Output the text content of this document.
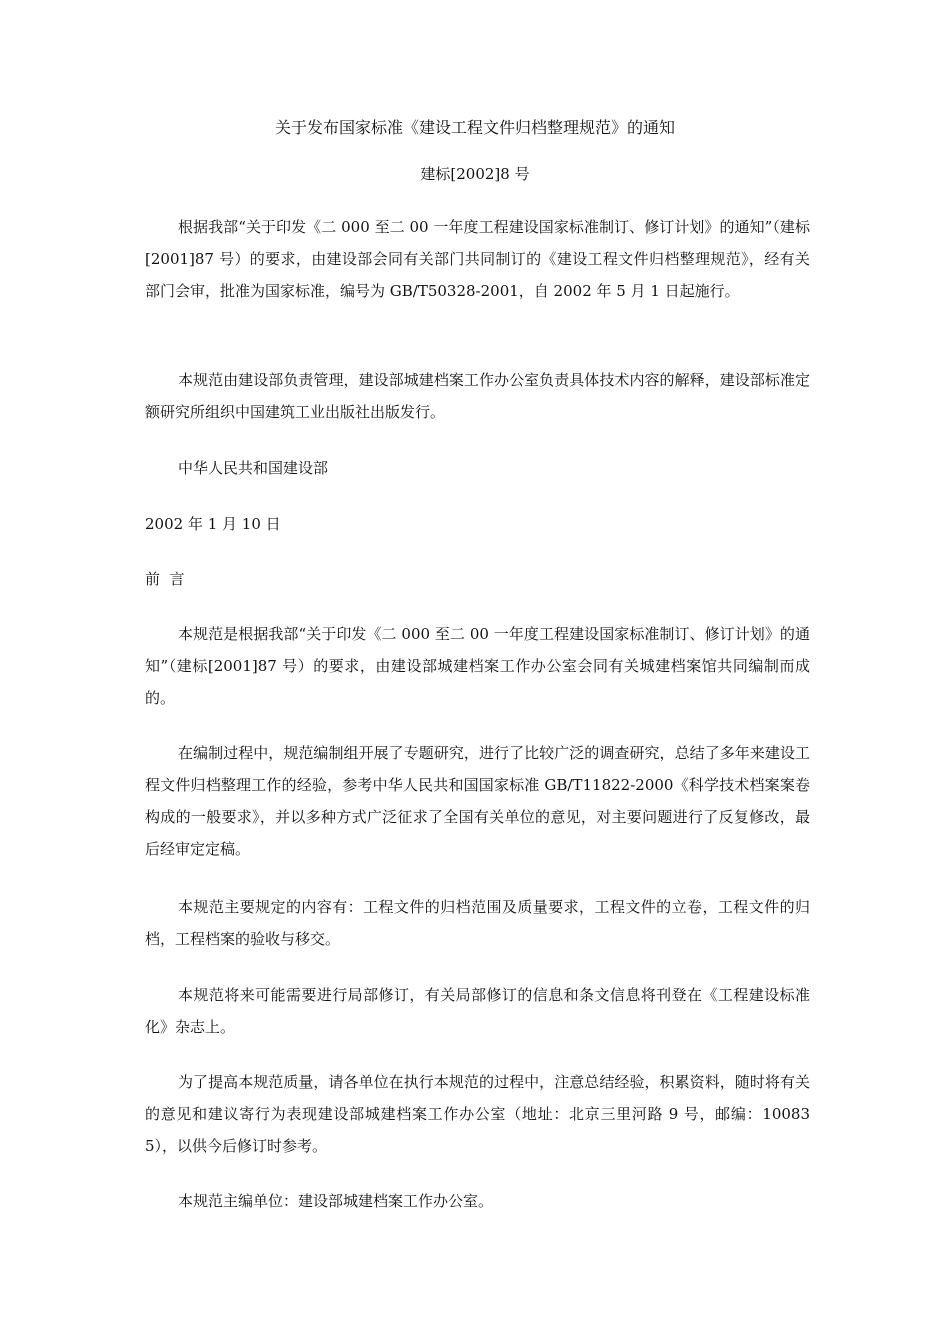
关于发布国家标准《建设工程文件归档整理规范》的通知
建标[2002]8 号

根据我部“关于印发《二 000 至二 00 一年度工程建设国家标准制订、修订计划》的通知”（建标[2001]87 号）的要求，由建设部会同有关部门共同制订的《建设工程文件归档整理规范》，经有关部门会审，批准为国家标准，编号为 GB/T50328-2001，自 2002 年 5 月 1 日起施行。

本规范由建设部负责管理，建设部城建档案工作办公室负责具体技术内容的解释，建设部标准定额研究所组织中国建筑工业出版社出版发行。

中华人民共和国建设部

2002 年 1 月 10 日

前  言

本规范是根据我部“关于印发《二 000 至二 00 一年度工程建设国家标准制订、修订计划》的通知”（建标[2001]87 号）的要求，由建设部城建档案工作办公室会同有关城建档案馆共同编制而成的。

在编制过程中，规范编制组开展了专题研究，进行了比较广泛的调查研究，总结了多年来建设工程文件归档整理工作的经验，参考中华人民共和国国家标准 GB/T11822-2000《科学技术档案案卷构成的一般要求》，并以多种方式广泛征求了全国有关单位的意见，对主要问题进行了反复修改，最后经审定定稿。

本规范主要规定的内容有：工程文件的归档范围及质量要求，工程文件的立卷，工程文件的归档，工程档案的验收与移交。

本规范将来可能需要进行局部修订，有关局部修订的信息和条文信息将刊登在《工程建设标准化》杂志上。

为了提高本规范质量，请各单位在执行本规范的过程中，注意总结经验，积累资料，随时将有关的意见和建议寄行为表现建设部城建档案工作办公室（地址：北京三里河路 9 号，邮编：100835），以供今后修订时参考。

本规范主编单位：建设部城建档案工作办公室。
